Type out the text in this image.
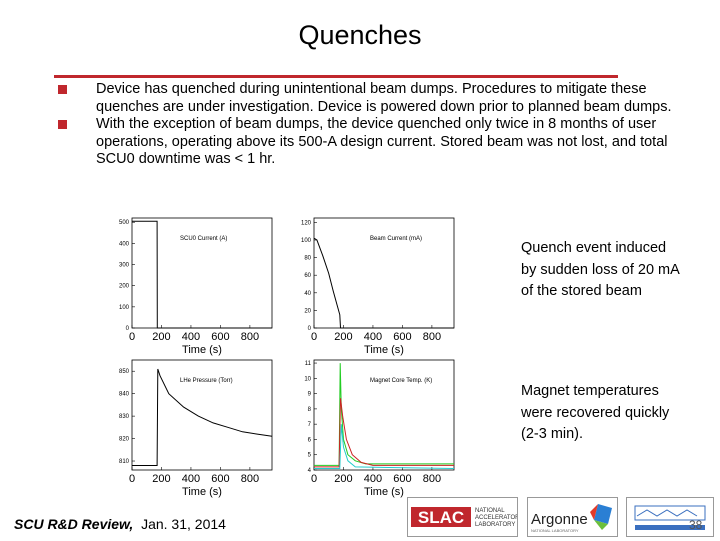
Quenches
Device has quenched during unintentional beam dumps. Procedures to mitigate these quenches are under investigation. Device is powered down prior to planned beam dumps.
With the exception of beam dumps, the device quenched only twice in 8 months of user operations, operating above its 500-A design current. Stored beam was not lost, and total SCU0 downtime was < 1 hr.
0
100
200
300
400
500
0 200 400 600 800
SCU0 Current (A)
Time (s)
0
20
40
60
80
100
120
0 200 400 600 800
Beam Current (mA)
Time (s)
810
820
830
840
850
0 200 400 600 800
LHe Pressure (Torr)
Time (s)
4
5
6
7
8
9
10
11
0 200 400 600 800
Magnet Core Temp. (K)
Time (s)
Quench event induced by sudden loss of 20 mA of the stored beam
Magnet temperatures were recovered quickly (2-3 min).
SCU R&D Review, Jan. 31, 2014	SLAC NATIONAL
ACCELERATOR
LABORATORY Argonne
NATIONAL LABORATORY	38
